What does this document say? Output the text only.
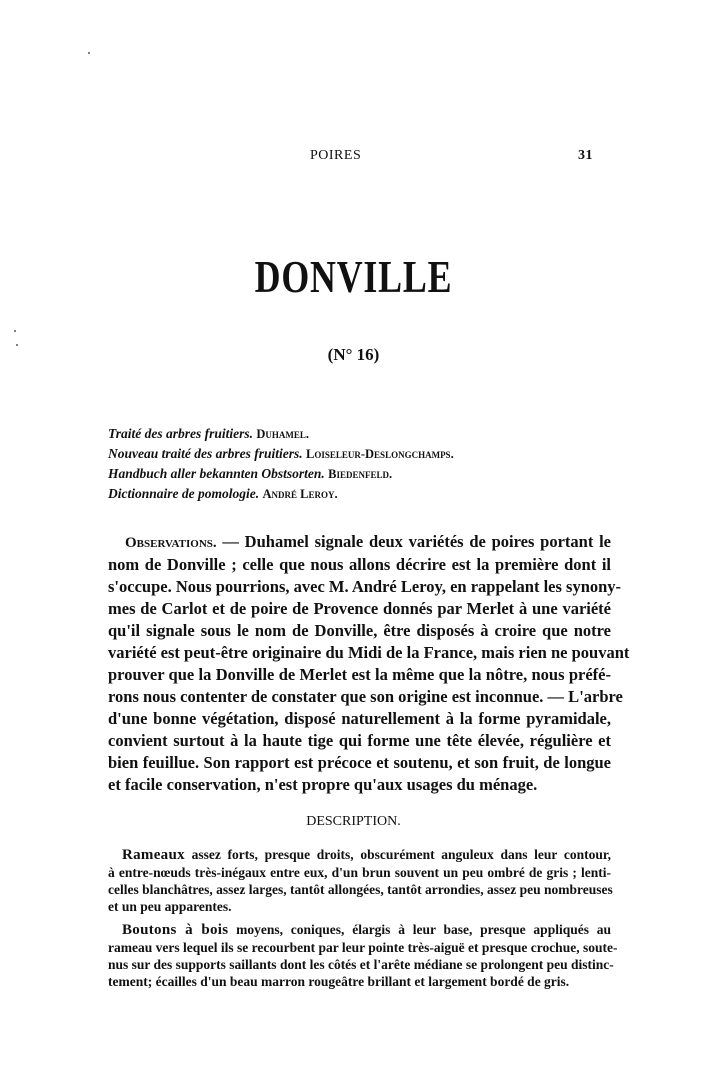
POIRES	31
DONVILLE
(N° 16)
Traité des arbres fruitiers. Duhamel.
Nouveau traité des arbres fruitiers. Loiseleur-Deslongchamps.
Handbuch aller bekannten Obstsorten. Biedenfeld.
Dictionnaire de pomologie. André Leroy.
Observations. — Duhamel signale deux variétés de poires portant le
nom de Donville ; celle que nous allons décrire est la première dont il
s'occupe. Nous pourrions, avec M. André Leroy, en rappelant les synony-
mes de Carlot et de poire de Provence donnés par Merlet à une variété
qu'il signale sous le nom de Donville, être disposés à croire que notre
variété est peut-être originaire du Midi de la France, mais rien ne pouvant
prouver que la Donville de Merlet est la même que la nôtre, nous préfé-
rons nous contenter de constater que son origine est inconnue. — L'arbre
d'une bonne végétation, disposé naturellement à la forme pyramidale,
convient surtout à la haute tige qui forme une tête élevée, régulière et
bien feuillue. Son rapport est précoce et soutenu, et son fruit, de longue
et facile conservation, n'est propre qu'aux usages du ménage.
DESCRIPTION.
Rameaux assez forts, presque droits, obscurément anguleux dans leur contour,
à entre-nœuds très-inégaux entre eux, d'un brun souvent un peu ombré de gris ; lenti-
celles blanchâtres, assez larges, tantôt allongées, tantôt arrondies, assez peu nombreuses
et un peu apparentes.
Boutons à bois moyens, coniques, élargis à leur base, presque appliqués au
rameau vers lequel ils se recourbent par leur pointe très-aiguë et presque crochue, soute-
nus sur des supports saillants dont les côtés et l'arête médiane se prolongent peu distinc-
tement; écailles d'un beau marron rougeâtre brillant et largement bordé de gris.
